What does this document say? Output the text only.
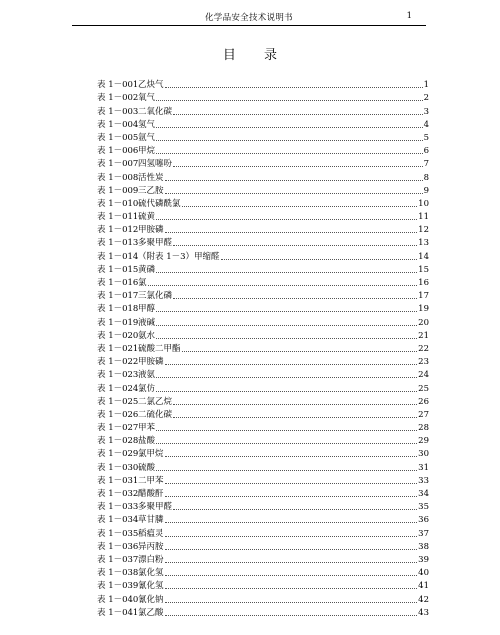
化学品安全技术说明书	1
目 录
表 1－001 乙炔气	1
表 1－002 氧气	2
表 1－003 二氧化碳	3
表 1－004 氢气	4
表 1－005 氩气	5
表 1－006 甲烷	6
表 1－007 四氢噻吩	7
表 1－008 活性炭	8
表 1－009 三乙胺	9
表 1－010 硫代磷酰氯	10
表 1－011 硫黄	11
表 1－012 甲胺磷	12
表 1－013 多聚甲醛	13
表 1－014 （附表 1－3）甲缩醛	14
表 1－015 黄磷	15
表 1－016 氯	16
表 1－017 三氯化磷	17
表 1－018 甲醇	19
表 1－019 液碱	20
表 1－020 氨水	21
表 1－021 硫酸二甲酯	22
表 1－022 甲胺磷	23
表 1－023 液氨	24
表 1－024 氯仿	25
表 1－025 二氯乙烷	26
表 1－026 二硫化碳	27
表 1－027 甲苯	28
表 1－028 盐酸	29
表 1－029 氯甲烷	30
表 1－030 硫酸	31
表 1－031 二甲苯	33
表 1－032 醋酸酐	34
表 1－033 多聚甲醛	35
表 1－034 草甘膦	36
表 1－035 稻瘟灵	37
表 1－036 异丙胺	38
表 1－037 漂白粉	39
表 1－038 氯化氢	40
表 1－039 氰化氢	41
表 1－040 氰化钠	42
表 1－041 氯乙酸	43
